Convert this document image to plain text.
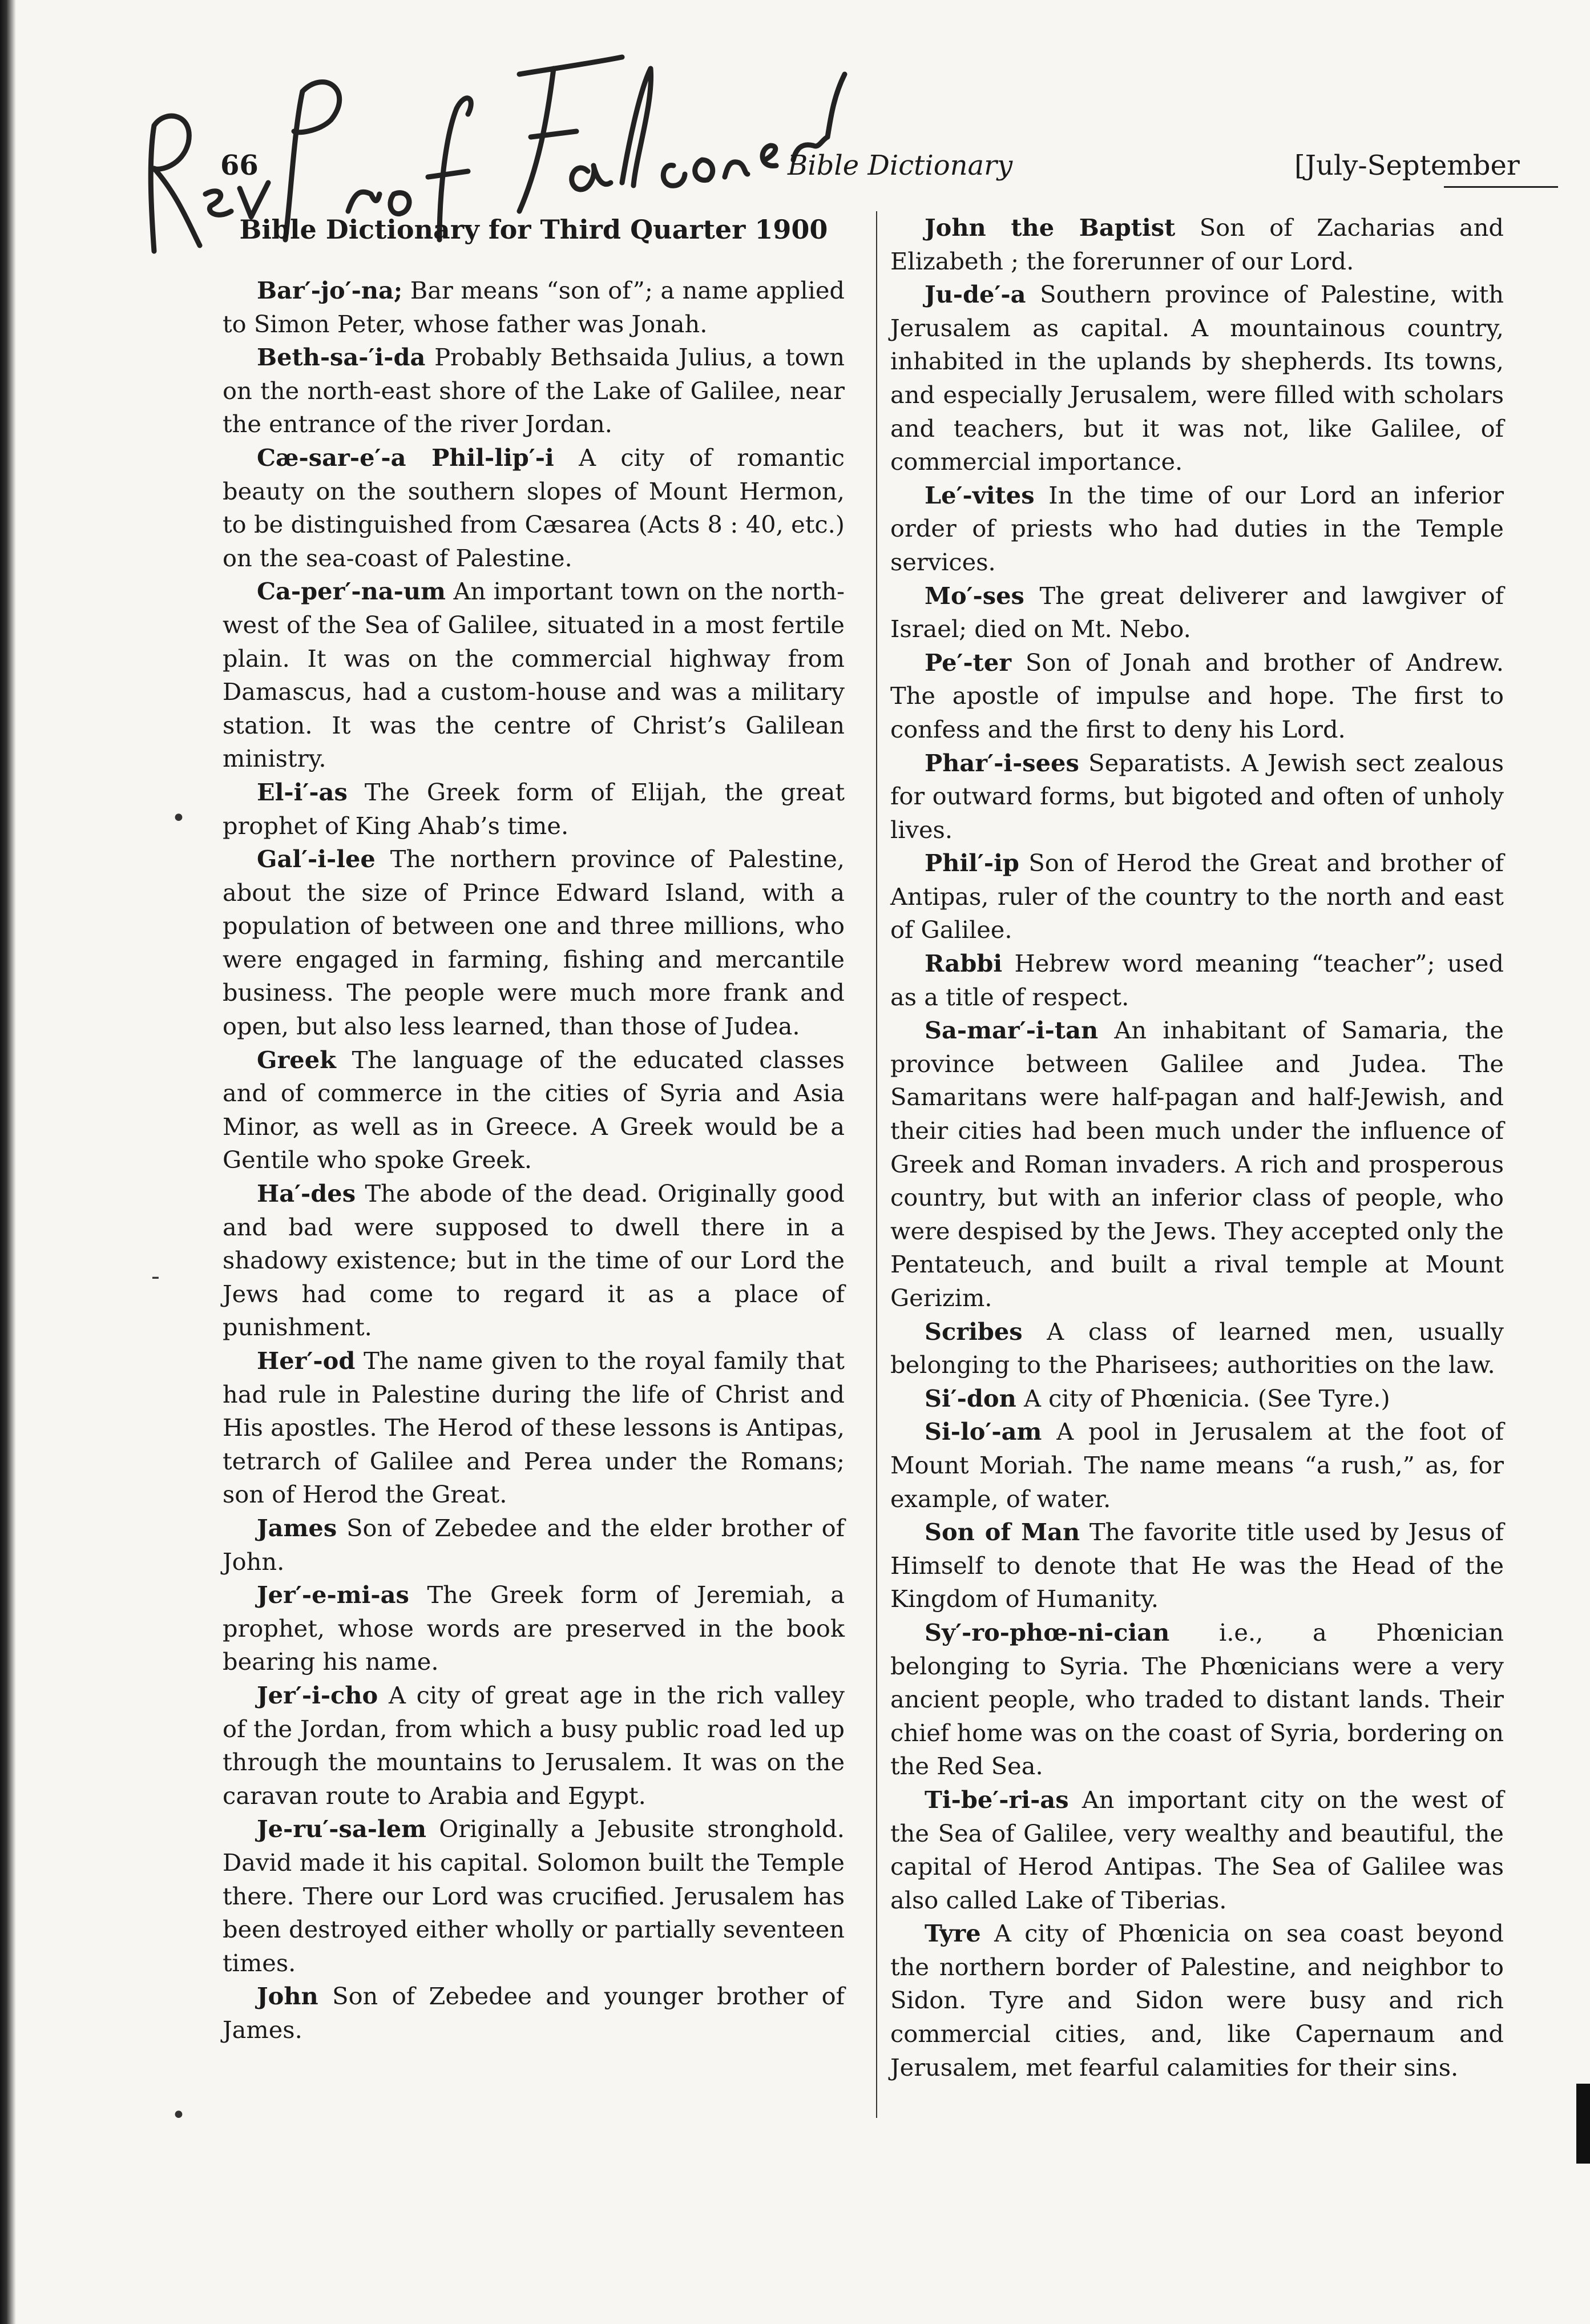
66	Bible Dictionary	[July-September
Bible Dictionary for Third Quarter 1900

Bar′-jo′-na; Bar means “son of”; a name applied to Simon Peter, whose father was Jonah.

Beth-sa-′i-da Probably Bethsaida Julius, a town on the north-east shore of the Lake of Galilee, near the entrance of the river Jordan.

Cæ-sar-e′-a Phil-lip′-i A city of romantic beauty on the southern slopes of Mount Hermon, to be distinguished from Cæsarea (Acts 8 : 40, etc.) on the sea-coast of Palestine.

Ca-per′-na-um An important town on the north-west of the Sea of Galilee, situated in a most fertile plain. It was on the commercial highway from Damascus, had a custom-house and was a military station. It was the centre of Christ’s Galilean ministry.

El-i′-as The Greek form of Elijah, the great prophet of King Ahab’s time.

Gal′-i-lee The northern province of Palestine, about the size of Prince Edward Island, with a population of between one and three millions, who were engaged in farming, fishing and mercantile business. The people were much more frank and open, but also less learned, than those of Judea.

Greek The language of the educated classes and of commerce in the cities of Syria and Asia Minor, as well as in Greece. A Greek would be a Gentile who spoke Greek.

Ha′-des The abode of the dead. Originally good and bad were supposed to dwell there in a shadowy existence; but in the time of our Lord the Jews had come to regard it as a place of punishment.

Her′-od The name given to the royal family that had rule in Palestine during the life of Christ and His apostles. The Herod of these lessons is Antipas, tetrarch of Galilee and Perea under the Romans; son of Herod the Great.

James Son of Zebedee and the elder brother of John.

Jer′-e-mi-as The Greek form of Jeremiah, a prophet, whose words are preserved in the book bearing his name.

Jer′-i-cho A city of great age in the rich valley of the Jordan, from which a busy public road led up through the mountains to Jerusalem. It was on the caravan route to Arabia and Egypt.

Je-ru′-sa-lem Originally a Jebusite stronghold. David made it his capital. Solomon built the Temple there. There our Lord was crucified. Jerusalem has been destroyed either wholly or partially seventeen times.

John Son of Zebedee and younger brother of James.

John the Baptist Son of Zacharias and Elizabeth ; the forerunner of our Lord.

Ju-de′-a Southern province of Palestine, with Jerusalem as capital. A mountainous country, inhabited in the uplands by shepherds. Its towns, and especially Jerusalem, were filled with scholars and teachers, but it was not, like Galilee, of commercial importance.

Le′-vites In the time of our Lord an inferior order of priests who had duties in the Temple services.

Mo′-ses The great deliverer and lawgiver of Israel; died on Mt. Nebo.

Pe′-ter Son of Jonah and brother of Andrew. The apostle of impulse and hope. The first to confess and the first to deny his Lord.

Phar′-i-sees Separatists. A Jewish sect zealous for outward forms, but bigoted and often of unholy lives.

Phil′-ip Son of Herod the Great and brother of Antipas, ruler of the country to the north and east of Galilee.

Rabbi Hebrew word meaning “teacher”; used as a title of respect.

Sa-mar′-i-tan An inhabitant of Samaria, the province between Galilee and Judea. The Samaritans were half-pagan and half-Jewish, and their cities had been much under the influence of Greek and Roman invaders. A rich and prosperous country, but with an inferior class of people, who were despised by the Jews. They accepted only the Pentateuch, and built a rival temple at Mount Gerizim.

Scribes A class of learned men, usually belonging to the Pharisees; authorities on the law.

Si′-don A city of Phœnicia. (See Tyre.)

Si-lo′-am A pool in Jerusalem at the foot of Mount Moriah. The name means “a rush,” as, for example, of water.

Son of Man The favorite title used by Jesus of Himself to denote that He was the Head of the Kingdom of Humanity.

Sy′-ro-phœ-ni-cian i.e., a Phœnician belonging to Syria. The Phœnicians were a very ancient people, who traded to distant lands. Their chief home was on the coast of Syria, bordering on the Red Sea.

Ti-be′-ri-as An important city on the west of the Sea of Galilee, very wealthy and beautiful, the capital of Herod Antipas. The Sea of Galilee was also called Lake of Tiberias.

Tyre A city of Phœnicia on sea coast beyond the northern border of Palestine, and neighbor to Sidon. Tyre and Sidon were busy and rich commercial cities, and, like Capernaum and Jerusalem, met fearful calamities for their sins.

•
-
•
